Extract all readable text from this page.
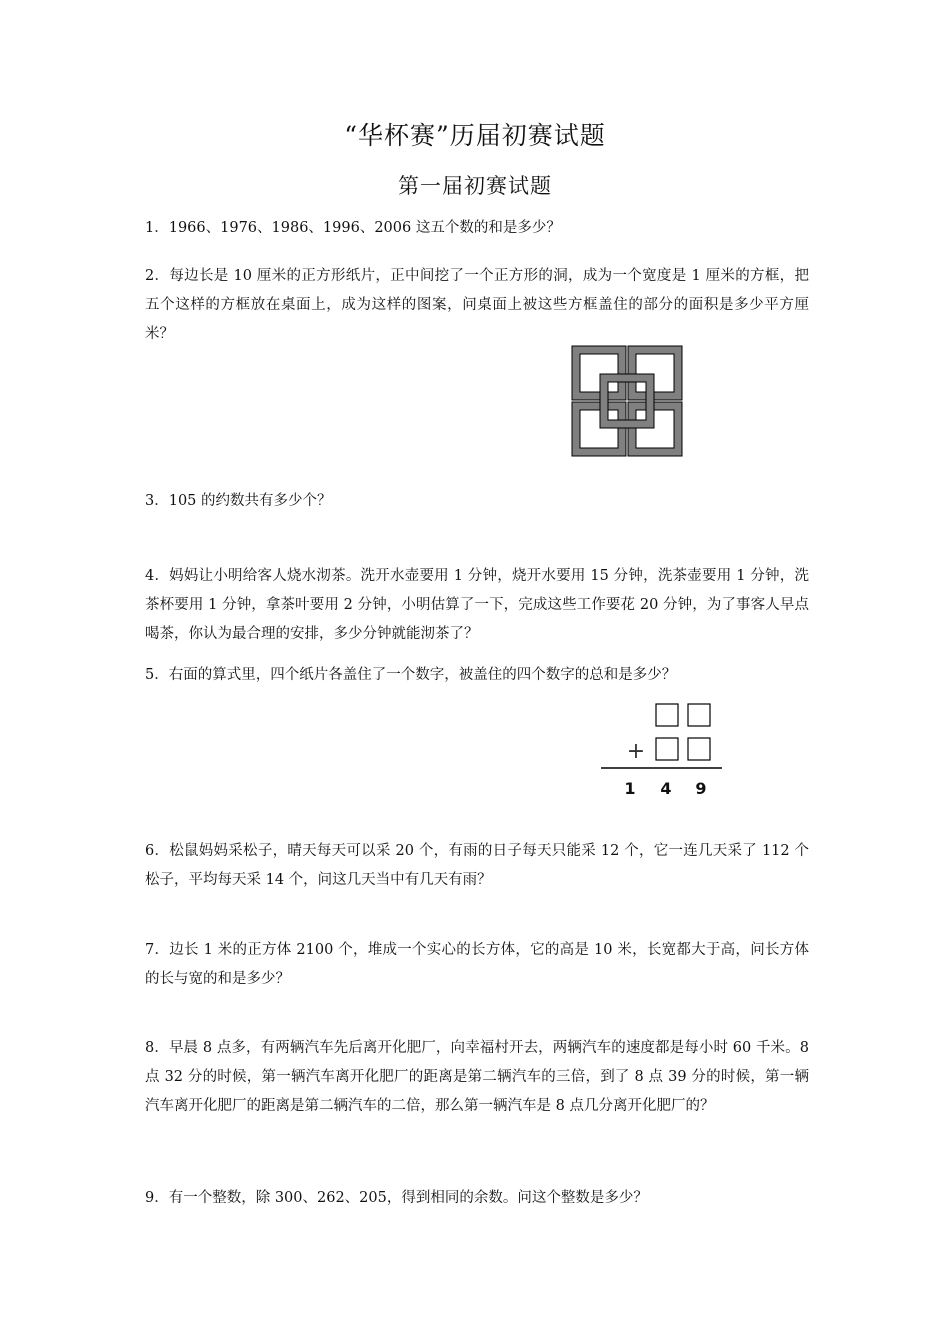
“华杯赛”历届初赛试题
第一届初赛试题

1．1966、1976、1986、1996、2006 这五个数的和是多少？

2．每边长是 10 厘米的正方形纸片，正中间挖了一个正方形的洞，成为一个宽度是 1 厘米的方框，把五个这样的方框放在桌面上，成为这样的图案，问桌面上被这些方框盖住的部分的面积是多少平方厘米？

3．105 的约数共有多少个？

4．妈妈让小明给客人烧水沏茶。洗开水壶要用 1 分钟，烧开水要用 15 分钟，洗茶壶要用 1 分钟，洗茶杯要用 1 分钟，拿茶叶要用 2 分钟，小明估算了一下，完成这些工作要花 20 分钟，为了事客人早点喝茶，你认为最合理的安排，多少分钟就能沏茶了？

5．右面的算式里，四个纸片各盖住了一个数字，被盖住的四个数字的总和是多少？

+
1 4 9

6．松鼠妈妈采松子，晴天每天可以采 20 个，有雨的日子每天只能采 12 个，它一连几天采了 112 个松子，平均每天采 14 个，问这几天当中有几天有雨？

7．边长 1 米的正方体 2100 个，堆成一个实心的长方体，它的高是 10 米，长宽都大于高，问长方体的长与宽的和是多少？

8．早晨 8 点多，有两辆汽车先后离开化肥厂，向幸福村开去，两辆汽车的速度都是每小时 60 千米。8 点 32 分的时候，第一辆汽车离开化肥厂的距离是第二辆汽车的三倍，到了 8 点 39 分的时候，第一辆汽车离开化肥厂的距离是第二辆汽车的二倍，那么第一辆汽车是 8 点几分离开化肥厂的？

9．有一个整数，除 300、262、205，得到相同的余数。问这个整数是多少？
